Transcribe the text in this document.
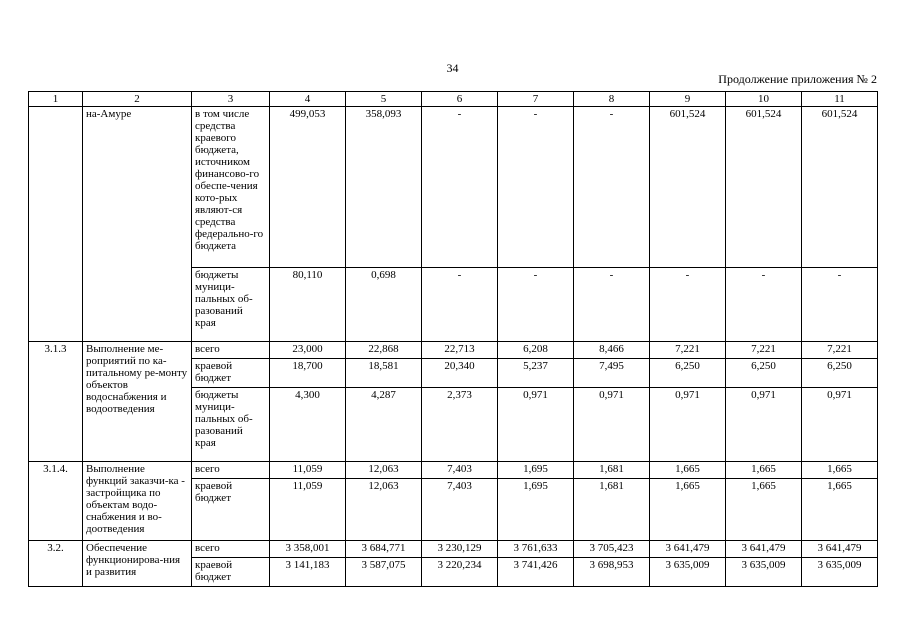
34
Продолжение приложения № 2
1	2	3	4	5	6	7	8	9	10	11
	на-Амуре	в том числе средства краевого бюджета, источником финансово-го обеспе-чения кото-рых являют-ся средства федерально-го бюджета	499,053	358,093	-	-	-	601,524	601,524	601,524
		бюджеты муници-пальных об-разований края	80,110	0,698	-	-	-	-	-	-
3.1.3	Выполнение ме-роприятий по ка-питальному ре-монту объектов водоснабжения и водоотведения	всего	23,000	22,868	22,713	6,208	8,466	7,221	7,221	7,221
		краевой бюджет	18,700	18,581	20,340	5,237	7,495	6,250	6,250	6,250
		бюджеты муници-пальных об-разований края	4,300	4,287	2,373	0,971	0,971	0,971	0,971	0,971
3.1.4.	Выполнение функций заказчи-ка - застройщика по объектам водо-снабжения и во-доотведения	всего	11,059	12,063	7,403	1,695	1,681	1,665	1,665	1,665
		краевой бюджет	11,059	12,063	7,403	1,695	1,681	1,665	1,665	1,665
3.2.	Обеспечение функционирова-ния и развития	всего	3 358,001	3 684,771	3 230,129	3 761,633	3 705,423	3 641,479	3 641,479	3 641,479
		краевой бюджет	3 141,183	3 587,075	3 220,234	3 741,426	3 698,953	3 635,009	3 635,009	3 635,009
